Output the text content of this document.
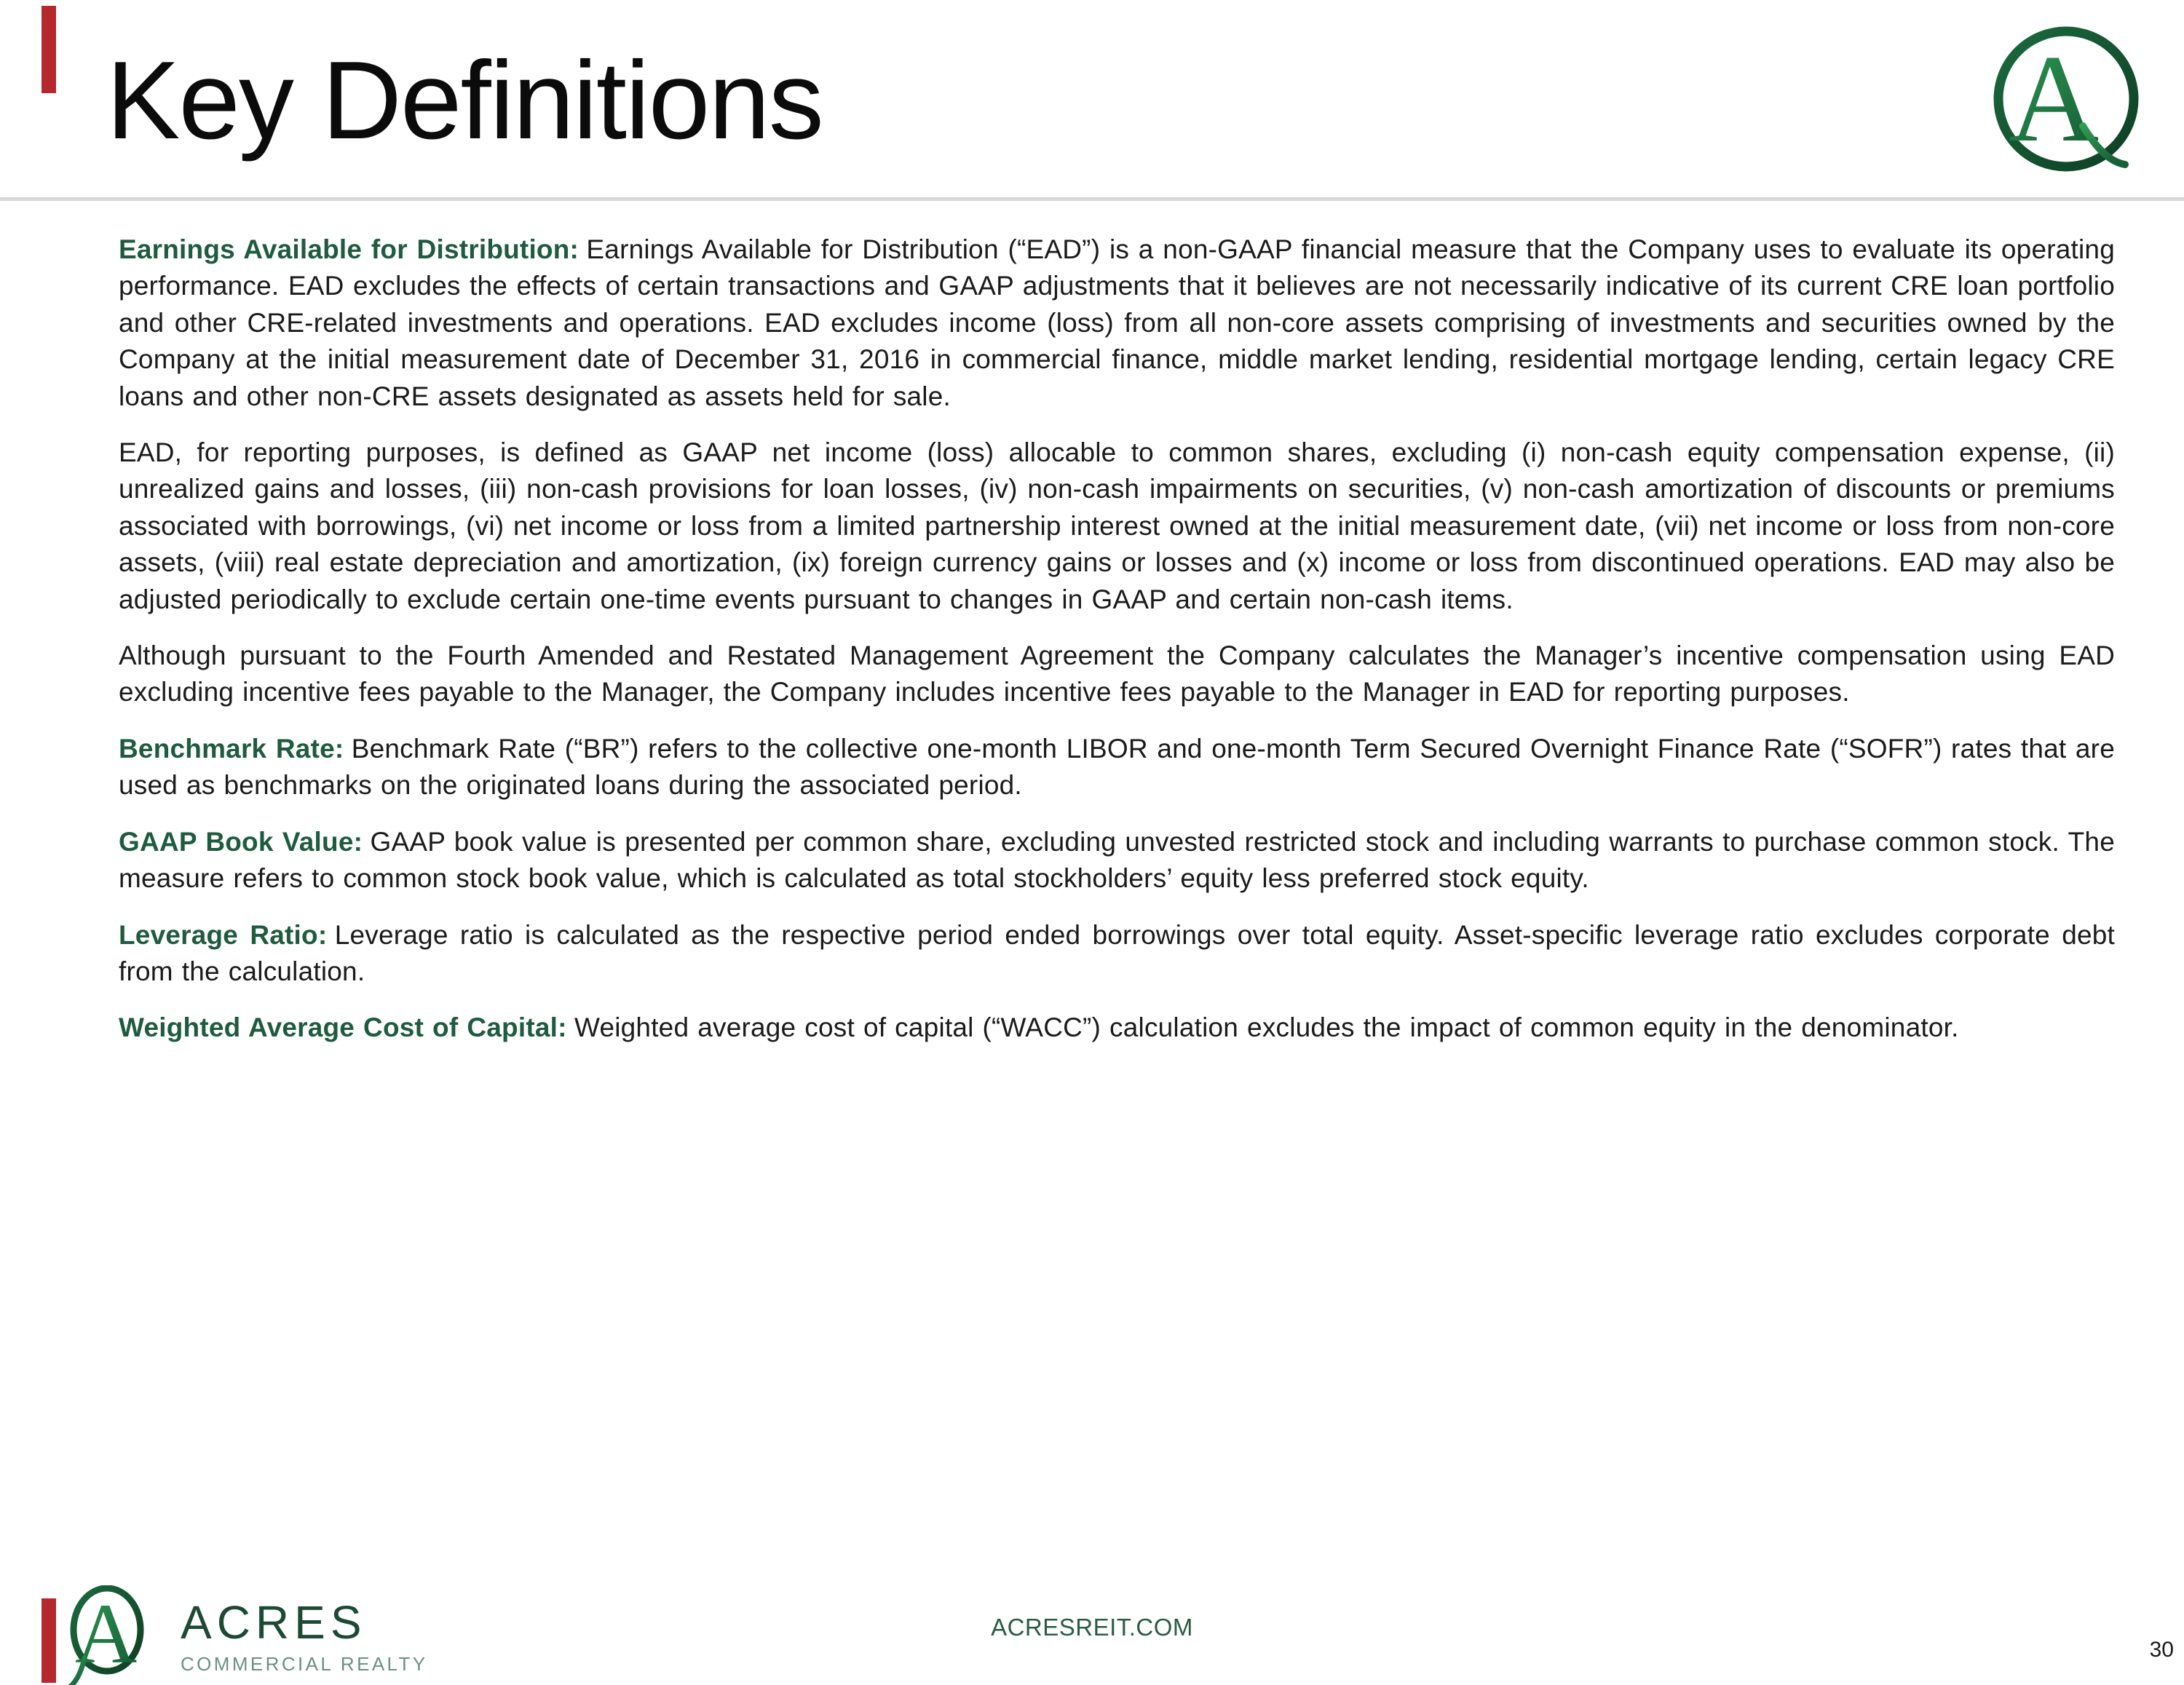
Key Definitions	A

Earnings Available for Distribution: Earnings Available for Distribution (“EAD”) is a non-GAAP financial measure that the Company uses to evaluate its operating performance. EAD excludes the effects of certain transactions and GAAP adjustments that it believes are not necessarily indicative of its current CRE loan portfolio and other CRE-related investments and operations. EAD excludes income (loss) from all non-core assets comprising of investments and securities owned by the Company at the initial measurement date of December 31, 2016 in commercial finance, middle market lending, residential mortgage lending, certain legacy CRE loans and other non-CRE assets designated as assets held for sale.

EAD, for reporting purposes, is defined as GAAP net income (loss) allocable to common shares, excluding (i) non-cash equity compensation expense, (ii) unrealized gains and losses, (iii) non-cash provisions for loan losses, (iv) non-cash impairments on securities, (v) non-cash amortization of discounts or premiums associated with borrowings, (vi) net income or loss from a limited partnership interest owned at the initial measurement date, (vii) net income or loss from non-core assets, (viii) real estate depreciation and amortization, (ix) foreign currency gains or losses and (x) income or loss from discontinued operations. EAD may also be adjusted periodically to exclude certain one-time events pursuant to changes in GAAP and certain non-cash items.

Although pursuant to the Fourth Amended and Restated Management Agreement the Company calculates the Manager’s incentive compensation using EAD excluding incentive fees payable to the Manager, the Company includes incentive fees payable to the Manager in EAD for reporting purposes.

Benchmark Rate: Benchmark Rate (“BR”) refers to the collective one-month LIBOR and one-month Term Secured Overnight Finance Rate (“SOFR”) rates that are used as benchmarks on the originated loans during the associated period.

GAAP Book Value: GAAP book value is presented per common share, excluding unvested restricted stock and including warrants to purchase common stock. The measure refers to common stock book value, which is calculated as total stockholders’ equity less preferred stock equity.

Leverage Ratio: Leverage ratio is calculated as the respective period ended borrowings over total equity. Asset-specific leverage ratio excludes corporate debt from the calculation.

Weighted Average Cost of Capital: Weighted average cost of capital (“WACC”) calculation excludes the impact of common equity in the denominator.

A ACRES
COMMERCIAL REALTY
ACRESREIT.COM
30
